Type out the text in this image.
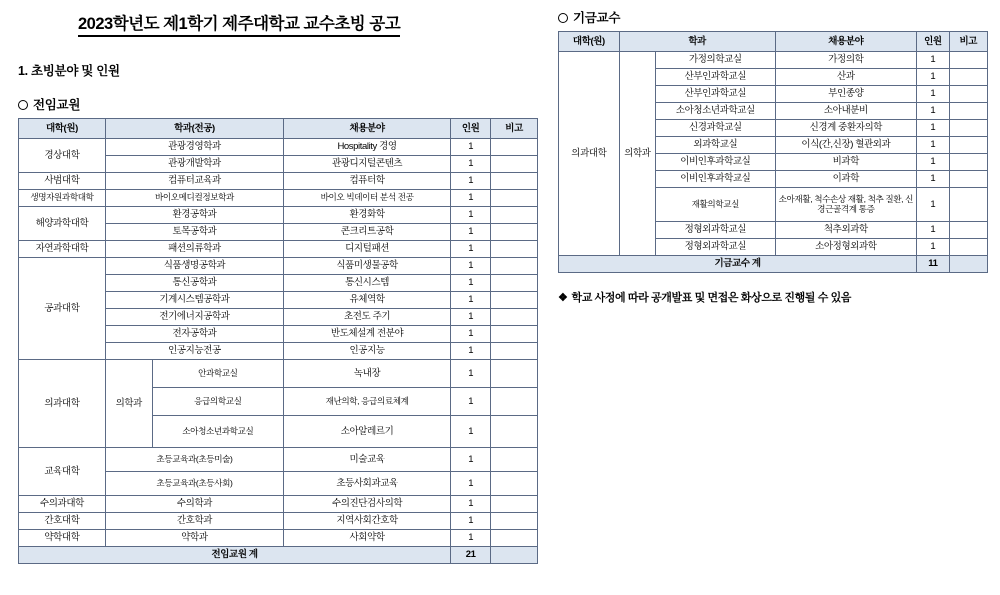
2023학년도 제1학기 제주대학교 교수초빙 공고
1. 초빙분야 및 인원
전임교원
대학(원)	학과(전공)		채용분야	인원	비고
경상대학	관광경영학과		Hospitality 경영	1	
	관광개발학과		관광디지털콘텐츠	1	
사범대학	컴퓨터교육과		컴퓨터학	1	
생명자원과학대학	바이오메디컬정보학과		바이오 빅데이터 분석 전공	1	
해양과학대학	환경공학과		환경화학	1	
	토목공학과		콘크리트공학	1	
자연과학대학	패션의류학과		디지털패션	1	
공과대학	식품생명공학과		식품미생물공학	1	
	통신공학과		통신시스템	1	
	기계시스템공학과		유체역학	1	
	전기에너지공학과		초전도 주기	1	
	전자공학과		반도체설계 전분야	1	
	인공지능전공		인공지능	1	
의과대학	의학과	안과학교실	녹내장	1	
		응급의학교실	재난의학, 응급의료체계	1	
		소아청소년과학교실	소아알레르기	1	
교육대학	초등교육과(초등미술)		미술교육	1	
	초등교육과(초등사회)		초등사회과교육	1	
수의과대학	수의학과		수의진단검사의학	1	
간호대학	간호학과		지역사회간호학	1	
약학대학	약학과		사회약학	1	
전임교원 계				21	
기금교수
대학(원)	학과		채용분야	인원	비고
의과대학	의학과	가정의학교실	가정의학	1	
		산부인과학교실	산과	1	
		산부인과학교실	부인종양	1	
		소아청소년과학교실	소아내분비	1	
		신경과학교실	신경계 중환자의학	1	
		외과학교실	이식(간,신장) 혈관외과	1	
		이비인후과학교실	비과학	1	
		이비인후과학교실	이과학	1	
		재활의학교실	소아재활, 척수손상 재활, 척추 질환, 신경근골격계 통증	1	
		정형외과학교실	척추외과학	1	
		정형외과학교실	소아정형외과학	1	
기금교수 계				11	
❖ 학교 사정에 따라 공개발표 및 면접은 화상으로 진행될 수 있음
